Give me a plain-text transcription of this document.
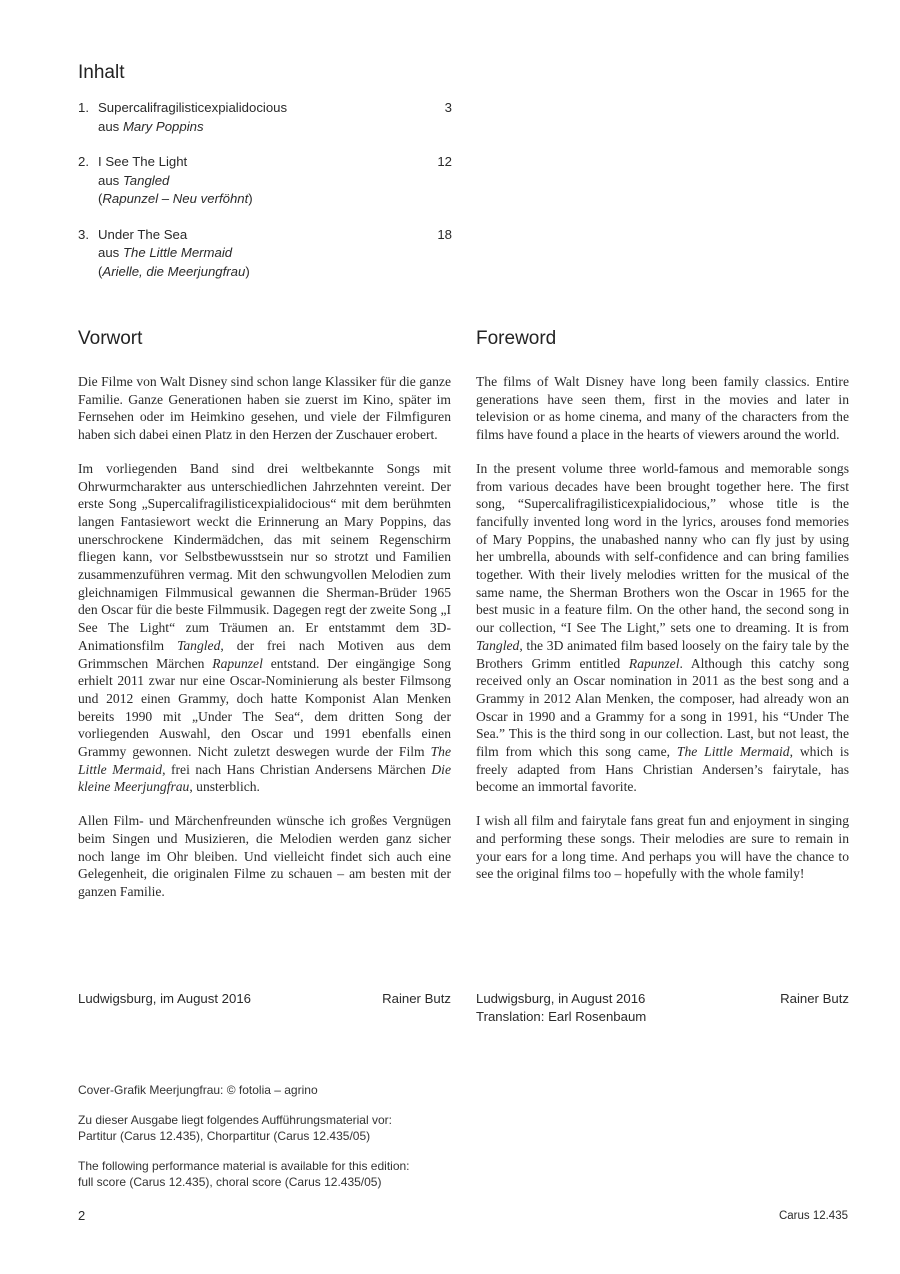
Inhalt
1. Supercalifragilisticexpialidocious
aus Mary Poppins
3
2. I See The Light
aus Tangled
(Rapunzel – Neu verföhnt)
12
3. Under The Sea
aus The Little Mermaid
(Arielle, die Meerjungfrau)
18
Vorwort

Die Filme von Walt Disney sind schon lange Klassiker für die ganze Familie. Ganze Generationen haben sie zuerst im Kino, später im Fernsehen oder im Heimkino gesehen, und viele der Filmfiguren haben sich dabei einen Platz in den Herzen der Zuschauer erobert.

Im vorliegenden Band sind drei weltbekannte Songs mit Ohrwurmcharakter aus unterschiedlichen Jahrzehnten vereint. Der erste Song „Supercalifragilisticexpialidocious“ mit dem berühmten langen Fantasiewort weckt die Erinnerung an Mary Poppins, das unerschrockene Kindermädchen, das mit seinem Regenschirm fliegen kann, vor Selbstbewusstsein nur so strotzt und Familien zusammenzuführen vermag. Mit den schwungvollen Melodien zum gleichnamigen Filmmusical gewannen die Sherman-Brüder 1965 den Oscar für die beste Filmmusik. Dagegen regt der zweite Song „I See The Light“ zum Träumen an. Er entstammt dem 3D-Animationsfilm Tangled, der frei nach Motiven aus dem Grimmschen Märchen Rapunzel entstand. Der eingängige Song erhielt 2011 zwar nur eine Oscar-Nominierung als bester Filmsong und 2012 einen Grammy, doch hatte Komponist Alan Menken bereits 1990 mit „Under The Sea“, dem dritten Song der vorliegenden Auswahl, den Oscar und 1991 ebenfalls einen Grammy gewonnen. Nicht zuletzt deswegen wurde der Film The Little Mermaid, frei nach Hans Christian Andersens Märchen Die kleine Meerjungfrau, unsterblich.

Allen Film- und Märchenfreunden wünsche ich großes Vergnügen beim Singen und Musizieren, die Melodien werden ganz sicher noch lange im Ohr bleiben. Und vielleicht findet sich auch eine Gelegenheit, die originalen Filme zu schauen – am besten mit der ganzen Familie.

Ludwigsburg, im August 2016	Rainer Butz
Foreword

The films of Walt Disney have long been family classics. Entire generations have seen them, first in the movies and later in television or as home cinema, and many of the characters from the films have found a place in the hearts of viewers around the world.

In the present volume three world-famous and memorable songs from various decades have been brought together here. The first song, “Supercalifragilisticexpialidocious,” whose title is the fancifully invented long word in the lyrics, arouses fond memories of Mary Poppins, the unabashed nanny who can fly just by using her umbrella, abounds with self-confidence and can bring families together. With their lively melodies written for the musical of the same name, the Sherman Brothers won the Oscar in 1965 for the best music in a feature film. On the other hand, the second song in our collection, “I See The Light,” sets one to dreaming. It is from Tangled, the 3D animated film based loosely on the fairy tale by the Brothers Grimm entitled Rapunzel. Although this catchy song received only an Oscar nomination in 2011 as the best song and a Grammy in 2012 Alan Menken, the composer, had already won an Oscar in 1990 and a Grammy for a song in 1991, his “Under The Sea.” This is the third song in our collection. Last, but not least, the film from which this song came, The Little Mermaid, which is freely adapted from Hans Christian Andersen’s fairytale, has become an immortal favorite.

I wish all film and fairytale fans great fun and enjoyment in singing and performing these songs. Their melodies are sure to remain in your ears for a long time. And perhaps you will have the chance to see the original films too – hopefully with the whole family!

Ludwigsburg, in August 2016	Rainer Butz
Translation: Earl Rosenbaum

Cover-Grafik Meerjungfrau: © fotolia – agrino

Zu dieser Ausgabe liegt folgendes Aufführungsmaterial vor:
Partitur (Carus 12.435), Chorpartitur (Carus 12.435/05)

The following performance material is available for this edition:
full score (Carus 12.435), choral score (Carus 12.435/05)

2	Carus 12.435
